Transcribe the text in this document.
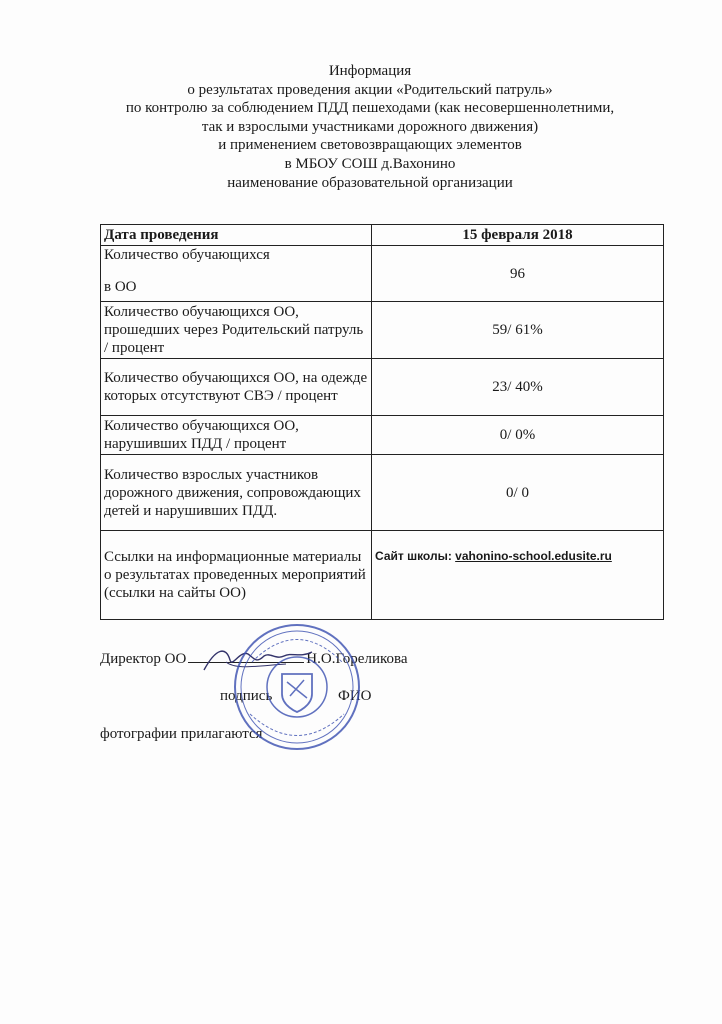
Информация
о результатах проведения акции «Родительский патруль»
по контролю за соблюдением ПДД пешеходами (как несовершеннолетними,
так и взрослыми участниками дорожного движения)
и применением световозвращающих элементов
в МБОУ СОШ д.Вахонино
наименование образовательной организации
Дата проведения	15 февраля 2018

Количество обучающихся
в ОО	96
Количество обучающихся ОО, прошедших через Родительский патруль / процент	59/ 61%
Количество обучающихся ОО, на одежде которых отсутствуют СВЭ / процент	23/ 40%
Количество обучающихся ОО, нарушивших ПДД / процент	0/ 0%
Количество взрослых участников дорожного движения, сопровождающих детей и нарушивших ПДД.	0/ 0
Ссылки на информационные материалы о результатах проведенных мероприятий (ссылки на сайты ОО)	Сайт школы: vahonino-school.edusite.ru
Директор ОО	Н.О.Гореликова
подпись	ФИО
фотографии прилагаются
